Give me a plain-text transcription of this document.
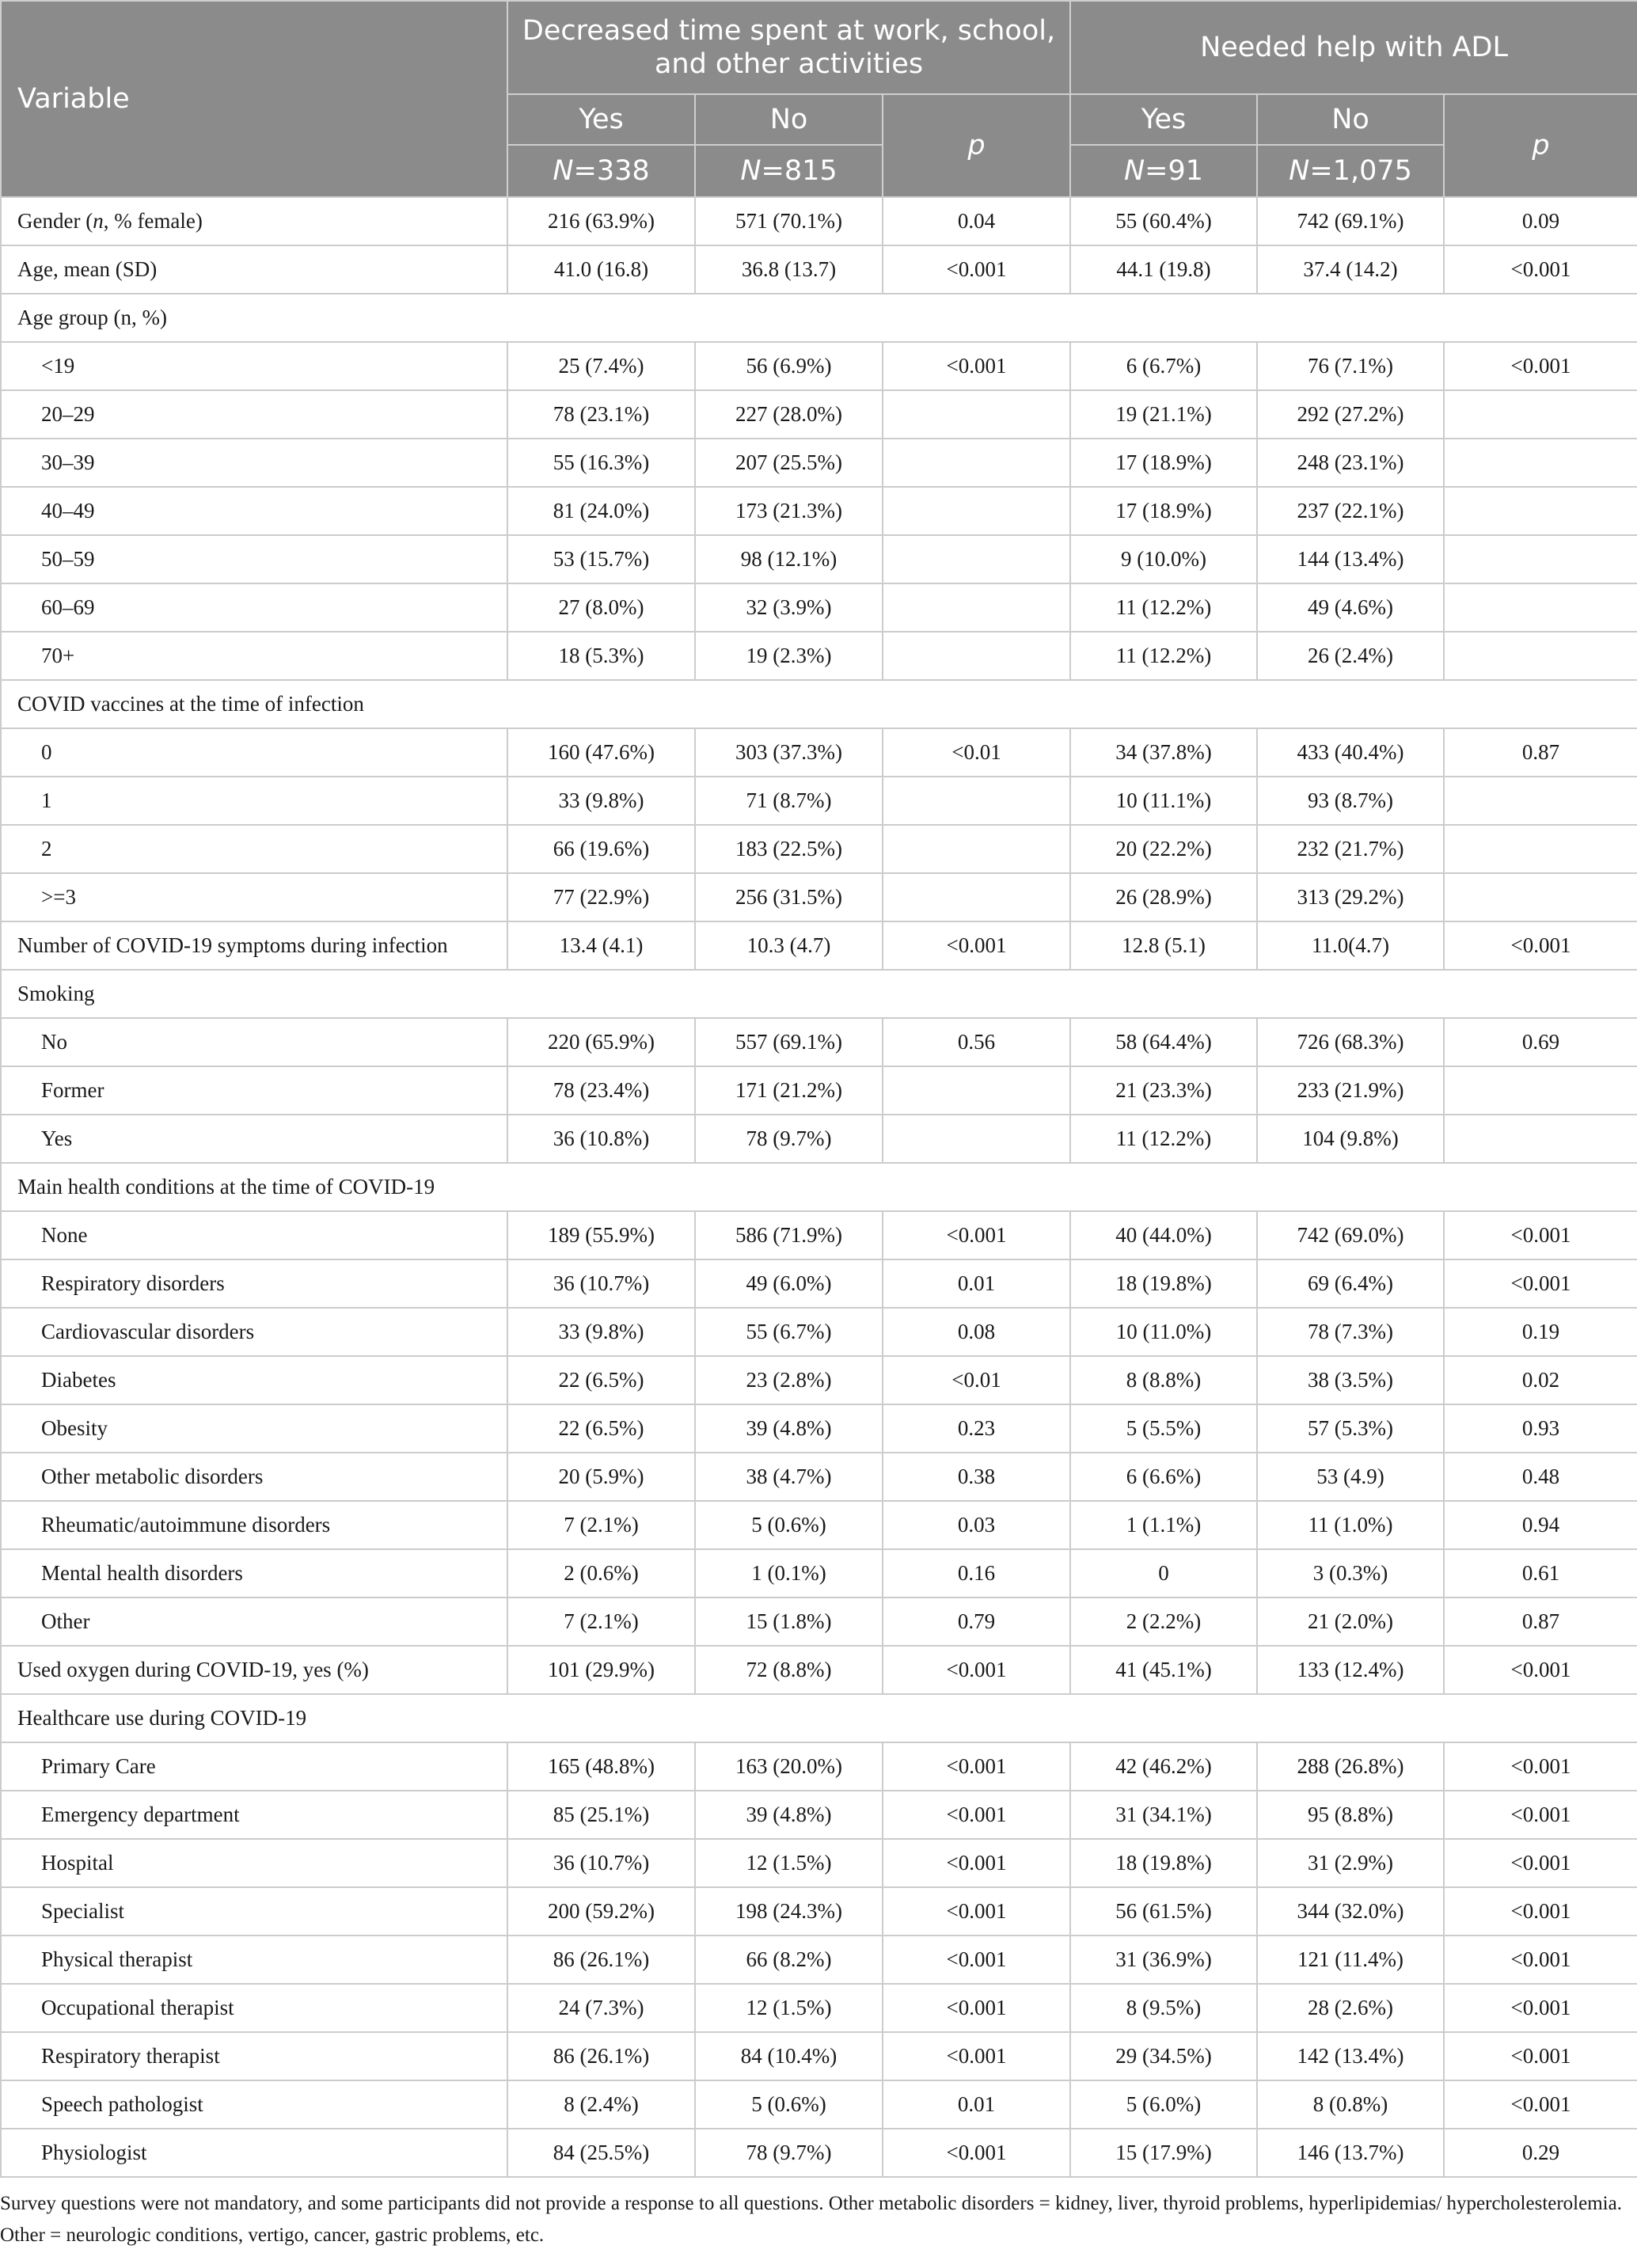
Variable	Decreased time spent at work, school, and other activities			Needed help with ADL		
	Yes	No	p	Yes	No	p
	N=338	N=815		N=91	N=1,075	
Gender (n, % female)	216 (63.9%)	571 (70.1%)	0.04	55 (60.4%)	742 (69.1%)	0.09
Age, mean (SD)	41.0 (16.8)	36.8 (13.7)	<0.001	44.1 (19.8)	37.4 (14.2)	<0.001
Age group (n, %)						
<19	25 (7.4%)	56 (6.9%)	<0.001	6 (6.7%)	76 (7.1%)	<0.001
20–29	78 (23.1%)	227 (28.0%)		19 (21.1%)	292 (27.2%)	
30–39	55 (16.3%)	207 (25.5%)		17 (18.9%)	248 (23.1%)	
40–49	81 (24.0%)	173 (21.3%)		17 (18.9%)	237 (22.1%)	
50–59	53 (15.7%)	98 (12.1%)		9 (10.0%)	144 (13.4%)	
60–69	27 (8.0%)	32 (3.9%)		11 (12.2%)	49 (4.6%)	
70+	18 (5.3%)	19 (2.3%)		11 (12.2%)	26 (2.4%)	
COVID vaccines at the time of infection						
0	160 (47.6%)	303 (37.3%)	<0.01	34 (37.8%)	433 (40.4%)	0.87
1	33 (9.8%)	71 (8.7%)		10 (11.1%)	93 (8.7%)	
2	66 (19.6%)	183 (22.5%)		20 (22.2%)	232 (21.7%)	
>=3	77 (22.9%)	256 (31.5%)		26 (28.9%)	313 (29.2%)	
Number of COVID-19 symptoms during infection	13.4 (4.1)	10.3 (4.7)	<0.001	12.8 (5.1)	11.0(4.7)	<0.001
Smoking						
No	220 (65.9%)	557 (69.1%)	0.56	58 (64.4%)	726 (68.3%)	0.69
Former	78 (23.4%)	171 (21.2%)		21 (23.3%)	233 (21.9%)	
Yes	36 (10.8%)	78 (9.7%)		11 (12.2%)	104 (9.8%)	
Main health conditions at the time of COVID-19						
None	189 (55.9%)	586 (71.9%)	<0.001	40 (44.0%)	742 (69.0%)	<0.001
Respiratory disorders	36 (10.7%)	49 (6.0%)	0.01	18 (19.8%)	69 (6.4%)	<0.001
Cardiovascular disorders	33 (9.8%)	55 (6.7%)	0.08	10 (11.0%)	78 (7.3%)	0.19
Diabetes	22 (6.5%)	23 (2.8%)	<0.01	8 (8.8%)	38 (3.5%)	0.02
Obesity	22 (6.5%)	39 (4.8%)	0.23	5 (5.5%)	57 (5.3%)	0.93
Other metabolic disorders	20 (5.9%)	38 (4.7%)	0.38	6 (6.6%)	53 (4.9)	0.48
Rheumatic/autoimmune disorders	7 (2.1%)	5 (0.6%)	0.03	1 (1.1%)	11 (1.0%)	0.94
Mental health disorders	2 (0.6%)	1 (0.1%)	0.16	0	3 (0.3%)	0.61
Other	7 (2.1%)	15 (1.8%)	0.79	2 (2.2%)	21 (2.0%)	0.87
Used oxygen during COVID-19, yes (%)	101 (29.9%)	72 (8.8%)	<0.001	41 (45.1%)	133 (12.4%)	<0.001
Healthcare use during COVID-19						
Primary Care	165 (48.8%)	163 (20.0%)	<0.001	42 (46.2%)	288 (26.8%)	<0.001
Emergency department	85 (25.1%)	39 (4.8%)	<0.001	31 (34.1%)	95 (8.8%)	<0.001
Hospital	36 (10.7%)	12 (1.5%)	<0.001	18 (19.8%)	31 (2.9%)	<0.001
Specialist	200 (59.2%)	198 (24.3%)	<0.001	56 (61.5%)	344 (32.0%)	<0.001
Physical therapist	86 (26.1%)	66 (8.2%)	<0.001	31 (36.9%)	121 (11.4%)	<0.001
Occupational therapist	24 (7.3%)	12 (1.5%)	<0.001	8 (9.5%)	28 (2.6%)	<0.001
Respiratory therapist	86 (26.1%)	84 (10.4%)	<0.001	29 (34.5%)	142 (13.4%)	<0.001
Speech pathologist	8 (2.4%)	5 (0.6%)	0.01	5 (6.0%)	8 (0.8%)	<0.001
Physiologist	84 (25.5%)	78 (9.7%)	<0.001	15 (17.9%)	146 (13.7%)	0.29
Survey questions were not mandatory, and some participants did not provide a response to all questions. Other metabolic disorders = kidney, liver, thyroid problems, hyperlipidemias/ hypercholesterolemia. Other = neurologic conditions, vertigo, cancer, gastric problems, etc.
